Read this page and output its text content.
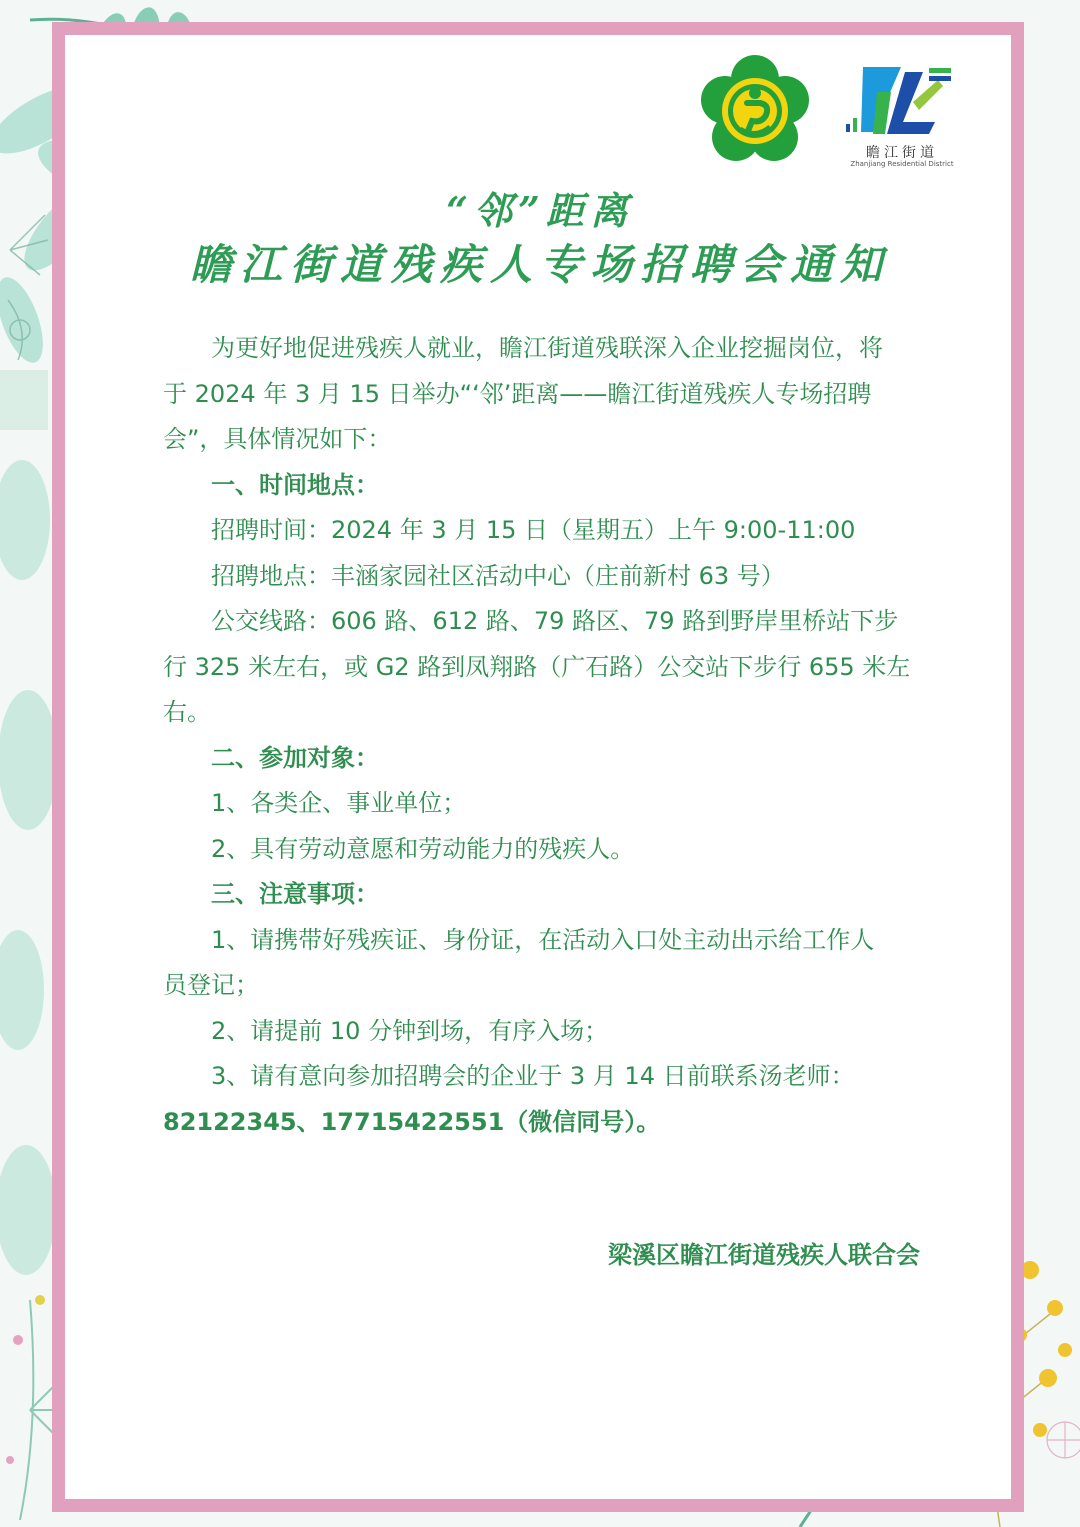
瞻江街道
Zhanjiang Residential District
“邻”距离
瞻江街道残疾人专场招聘会通知

为更好地促进残疾人就业，瞻江街道残联深入企业挖掘岗位，将

于 2024 年 3 月 15 日举办“‘邻’距离——瞻江街道残疾人专场招聘

会”，具体情况如下：

一、时间地点：

招聘时间：2024 年 3 月 15 日（星期五）上午 9:00-11:00

招聘地点：丰涵家园社区活动中心（庄前新村 63 号）

公交线路：606 路、612 路、79 路区、79 路到野岸里桥站下步

行 325 米左右，或 G2 路到凤翔路（广石路）公交站下步行 655 米左

右。

二、参加对象：

1、各类企、事业单位；

2、具有劳动意愿和劳动能力的残疾人。

三、注意事项：

1、请携带好残疾证、身份证，在活动入口处主动出示给工作人

员登记；

2、请提前 10 分钟到场，有序入场；

3、请有意向参加招聘会的企业于 3 月 14 日前联系汤老师：

82122345、17715422551（微信同号）。

梁溪区瞻江街道残疾人联合会
